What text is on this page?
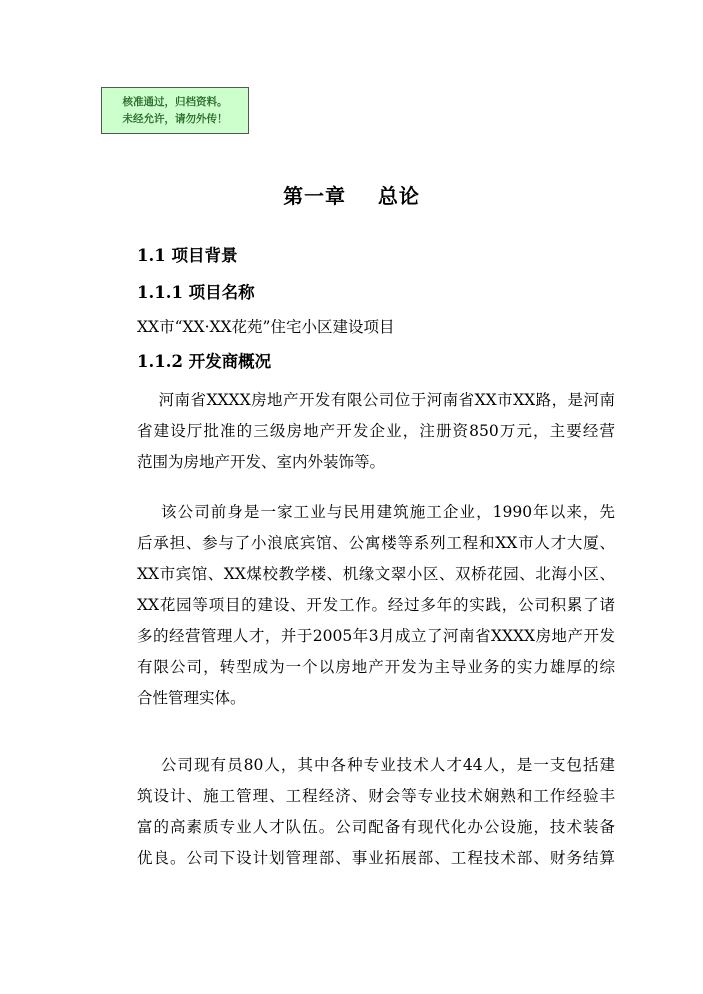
核准通过，归档资料。
未经允许，请勿外传！
第一章    总论
1.1 项目背景
1.1.1 项目名称
XX市“XX·XX花苑”住宅小区建设项目
1.1.2 开发商概况
河南省XXXX房地产开发有限公司位于河南省XX市XX路，是河南
省建设厅批准的三级房地产开发企业，注册资850万元，主要经营
范围为房地产开发、室内外装饰等。
该公司前身是一家工业与民用建筑施工企业，1990年以来，先
后承担、参与了小浪底宾馆、公寓楼等系列工程和XX市人才大厦、
XX市宾馆、XX煤校教学楼、机缘文翠小区、双桥花园、北海小区、
XX花园等项目的建设、开发工作。经过多年的实践，公司积累了诸
多的经营管理人才，并于2005年3月成立了河南省XXXX房地产开发
有限公司，转型成为一个以房地产开发为主导业务的实力雄厚的综
合性管理实体。
公司现有员80人，其中各种专业技术人才44人，是一支包括建
筑设计、施工管理、工程经济、财会等专业技术娴熟和工作经验丰
富的高素质专业人才队伍。公司配备有现代化办公设施，技术装备
优良。公司下设计划管理部、事业拓展部、工程技术部、财务结算
